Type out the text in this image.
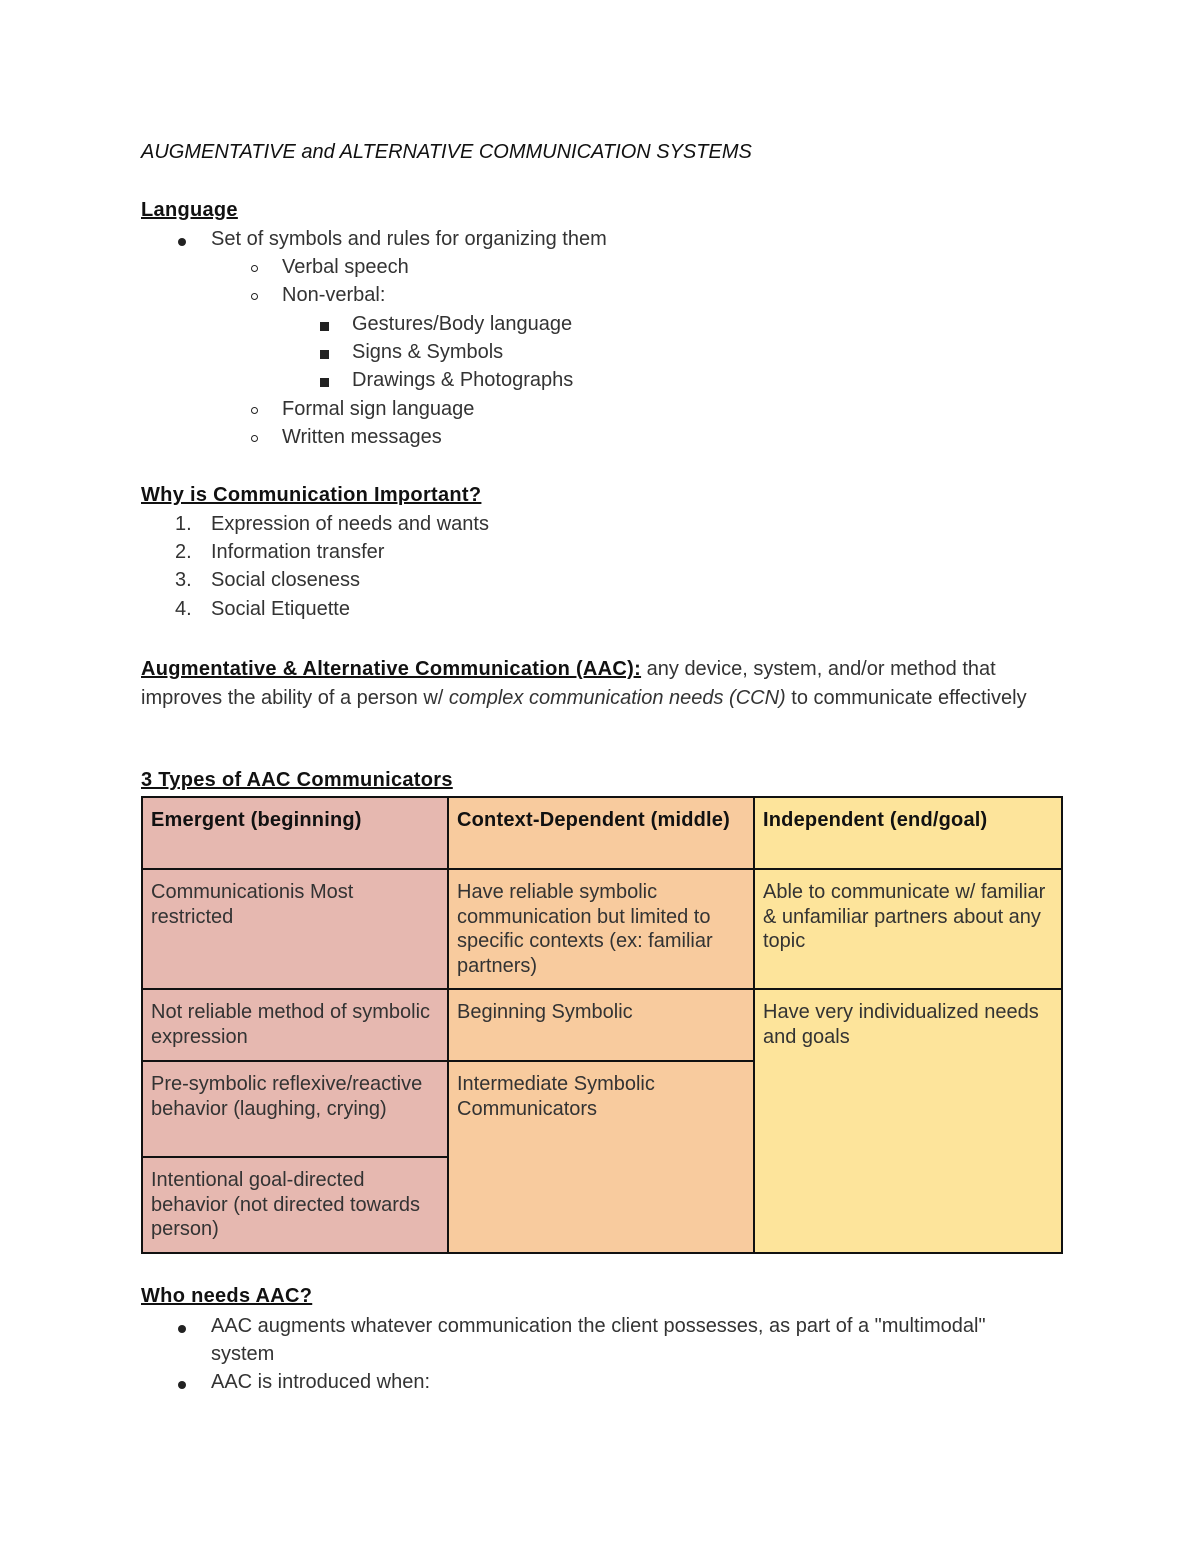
AUGMENTATIVE and ALTERNATIVE COMMUNICATION SYSTEMS
Language
Set of symbols and rules for organizing them
Verbal speech
Non-verbal:
Gestures/Body language
Signs & Symbols
Drawings & Photographs
Formal sign language
Written messages
Why is Communication Important?
1. Expression of needs and wants
2. Information transfer
3. Social closeness
4. Social Etiquette
Augmentative & Alternative Communication (AAC): any device, system, and/or method that improves the ability of a person w/ complex communication needs (CCN) to communicate effectively
3 Types of AAC Communicators
Emergent (beginning)	Context-Dependent (middle)	Independent (end/goal)
Communicationis Most restricted	Have reliable symbolic communication but limited to specific contexts (ex: familiar partners)	Able to communicate w/ familiar & unfamiliar partners about any topic
Not reliable method of symbolic expression	Beginning Symbolic	Have very individualized needs and goals
Pre-symbolic reflexive/reactive behavior (laughing, crying)	Intermediate Symbolic Communicators	
Intentional goal-directed behavior (not directed towards person)		
Who needs AAC?
AAC augments whatever communication the client possesses, as part of a "multimodal"
system
AAC is introduced when:
